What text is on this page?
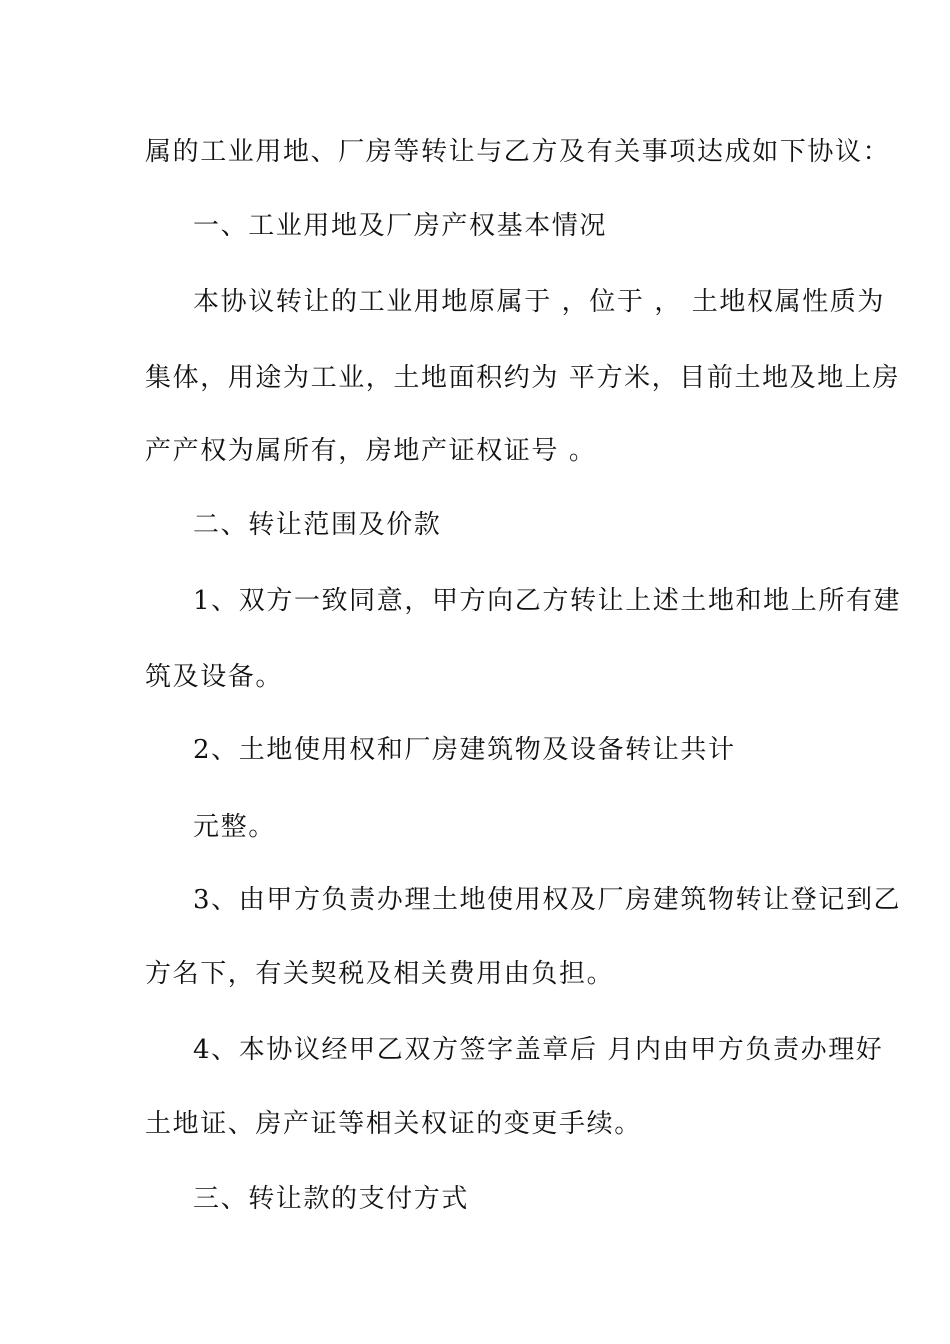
属的工业用地、厂房等转让与乙方及有关事项达成如下协议：
一、工业用地及厂房产权基本情况
本协议转让的工业用地原属于 ，位于 ， 土地权属性质为
集体，用途为工业，土地面积约为 平方米，目前土地及地上房
产产权为属所有，房地产证权证号 。
二、转让范围及价款
1、双方一致同意，甲方向乙方转让上述土地和地上所有建
筑及设备。
2、土地使用权和厂房建筑物及设备转让共计
元整。
3、由甲方负责办理土地使用权及厂房建筑物转让登记到乙
方名下，有关契税及相关费用由负担。
4、本协议经甲乙双方签字盖章后 月内由甲方负责办理好
土地证、房产证等相关权证的变更手续。
三、转让款的支付方式
